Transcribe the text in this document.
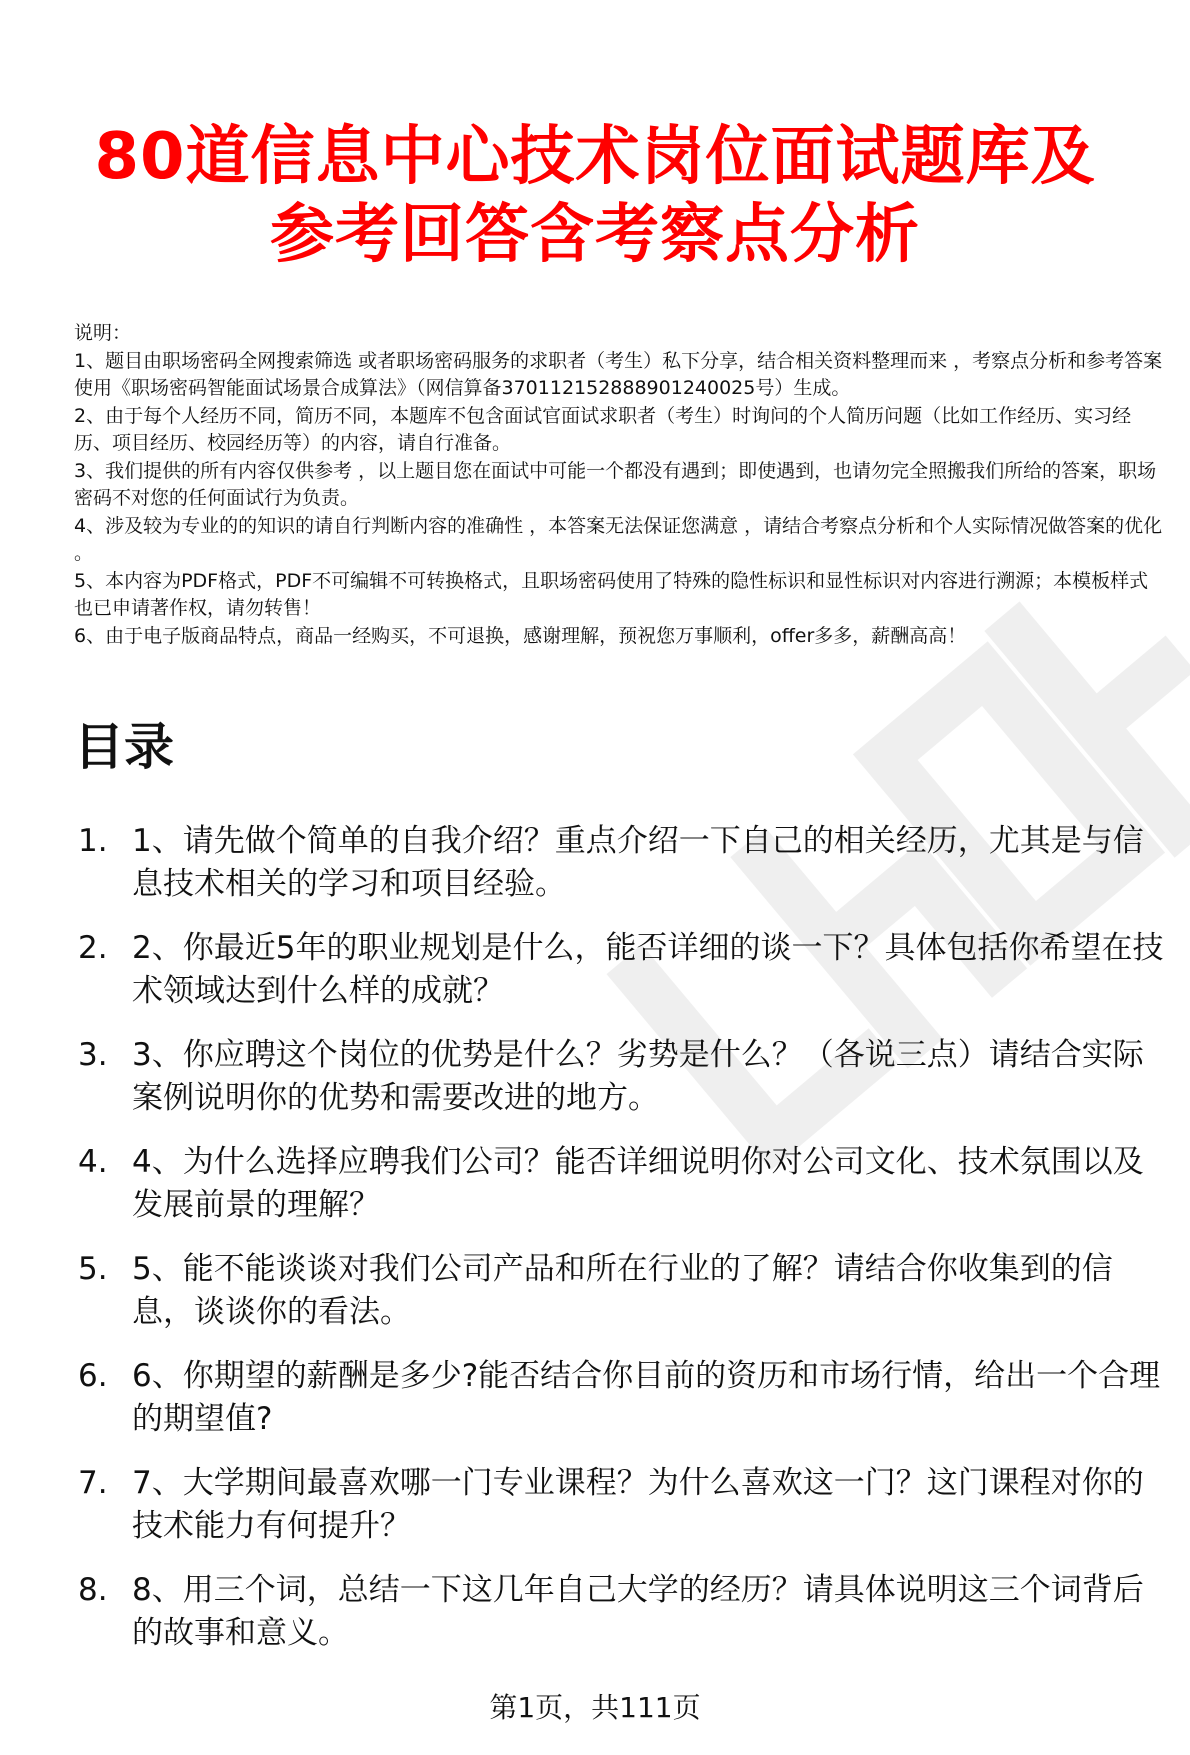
80道信息中心技术岗位面试题库及
参考回答含考察点分析

说明：

1、题目由职场密码全网搜索筛选 或者职场密码服务的求职者（考生）私下分享，结合相关资料整理而来 ，考察点分析和参考答案使用《职场密码智能面试场景合成算法》（网信算备370112152888901240025号）生成。

2、由于每个人经历不同，简历不同，本题库不包含面试官面试求职者（考生）时询问的个人简历问题（比如工作经历、实习经历、项目经历、校园经历等）的内容，请自行准备。

3、我们提供的所有内容仅供参考 ，以上题目您在面试中可能一个都没有遇到；即使遇到，也请勿完全照搬我们所给的答案，职场密码不对您的任何面试行为负责。

4、涉及较为专业的的知识的请自行判断内容的准确性 ，本答案无法保证您满意 ，请结合考察点分析和个人实际情况做答案的优化 。

5、本内容为PDF格式，PDF不可编辑不可转换格式，且职场密码使用了特殊的隐性标识和显性标识对内容进行溯源；本模板样式也已申请著作权，请勿转售！

6、由于电子版商品特点，商品一经购买，不可退换，感谢理解，预祝您万事顺利，offer多多，薪酬高高！

目录
1. 1、请先做个简单的自我介绍？重点介绍一下自己的相关经历，尤其是与信息技术相关的学习和项目经验。
2. 2、你最近5年的职业规划是什么，能否详细的谈一下？具体包括你希望在技术领域达到什么样的成就？
3. 3、你应聘这个岗位的优势是什么？劣势是什么？（各说三点）请结合实际案例说明你的优势和需要改进的地方。
4. 4、为什么选择应聘我们公司？能否详细说明你对公司文化、技术氛围以及发展前景的理解？
5. 5、能不能谈谈对我们公司产品和所在行业的了解？请结合你收集到的信息，谈谈你的看法。
6. 6、你期望的薪酬是多少?能否结合你目前的资历和市场行情，给出一个合理的期望值?
7. 7、大学期间最喜欢哪一门专业课程？为什么喜欢这一门？这门课程对你的技术能力有何提升？
8. 8、用三个词，总结一下这几年自己大学的经历？请具体说明这三个词背后的故事和意义。
第1页，共111页
